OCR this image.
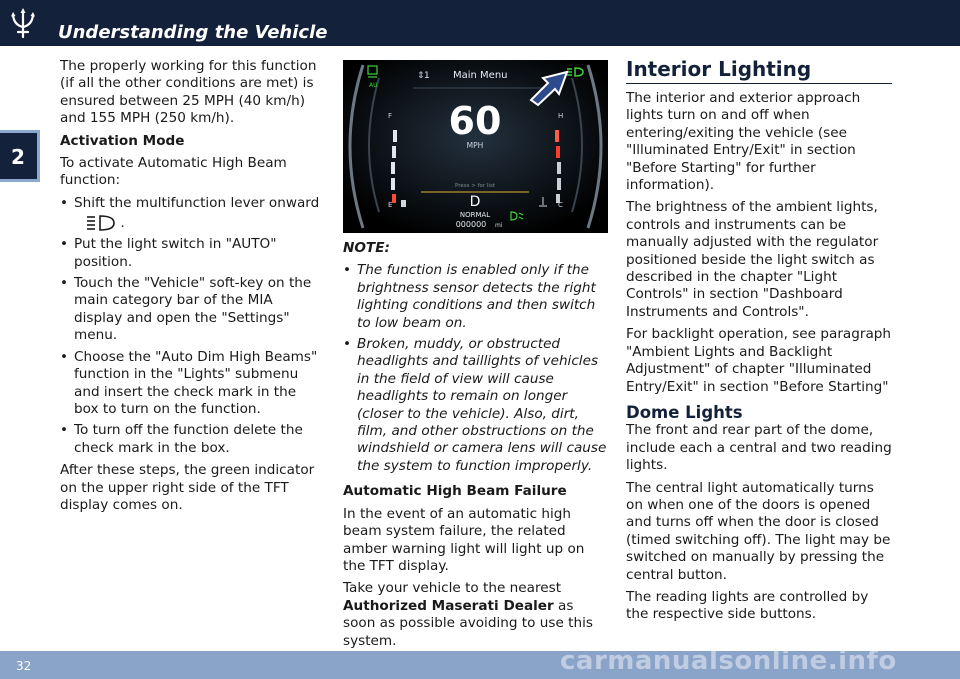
Understanding the Vehicle
2

The properly working for this function (if all the other conditions are met) is ensured between 25 MPH (40 km/h) and 155 MPH (250 km/h).

Activation Mode

To activate Automatic High Beam function:

• Shift the multifunction lever onward
.
• Put the light switch in "AUTO" position.
• Touch the "Vehicle" soft-key on the main category bar of the MIA display and open the "Settings" menu.
• Choose the "Auto Dim High Beams" function in the "Lights" submenu and insert the check mark in the box to turn on the function.
• To turn off the function delete the check mark in the box.

After these steps, the green indicator on the upper right side of the TFT display comes on.

AU
⇕ 1 Main Menu
F
E
H
C
60
MPH
Press > for list
D
NORMAL
000000 mi

NOTE:

• The function is enabled only if the brightness sensor detects the right lighting conditions and then switch to low beam on.
• Broken, muddy, or obstructed headlights and taillights of vehicles in the field of view will cause headlights to remain on longer (closer to the vehicle). Also, dirt, film, and other obstructions on the windshield or camera lens will cause the system to function improperly.

Automatic High Beam Failure

In the event of an automatic high beam system failure, the related amber warning light will light up on the TFT display.

Take your vehicle to the nearest Authorized Maserati Dealer as soon as possible avoiding to use this system.

Interior Lighting

The interior and exterior approach lights turn on and off when entering/exiting the vehicle (see "Illuminated Entry/Exit" in section "Before Starting" for further information).

The brightness of the ambient lights, controls and instruments can be manually adjusted with the regulator positioned beside the light switch as described in the chapter "Light Controls" in section "Dashboard Instruments and Controls".

For backlight operation, see paragraph "Ambient Lights and Backlight Adjustment" of chapter "Illuminated Entry/Exit" in section "Before Starting"

Dome Lights

The front and rear part of the dome, include each a central and two reading lights.

The central light automatically turns on when one of the doors is opened and turns off when the door is closed (timed switching off). The light may be switched on manually by pressing the central button.

The reading lights are controlled by the respective side buttons.

32	carmanualsonline.info
